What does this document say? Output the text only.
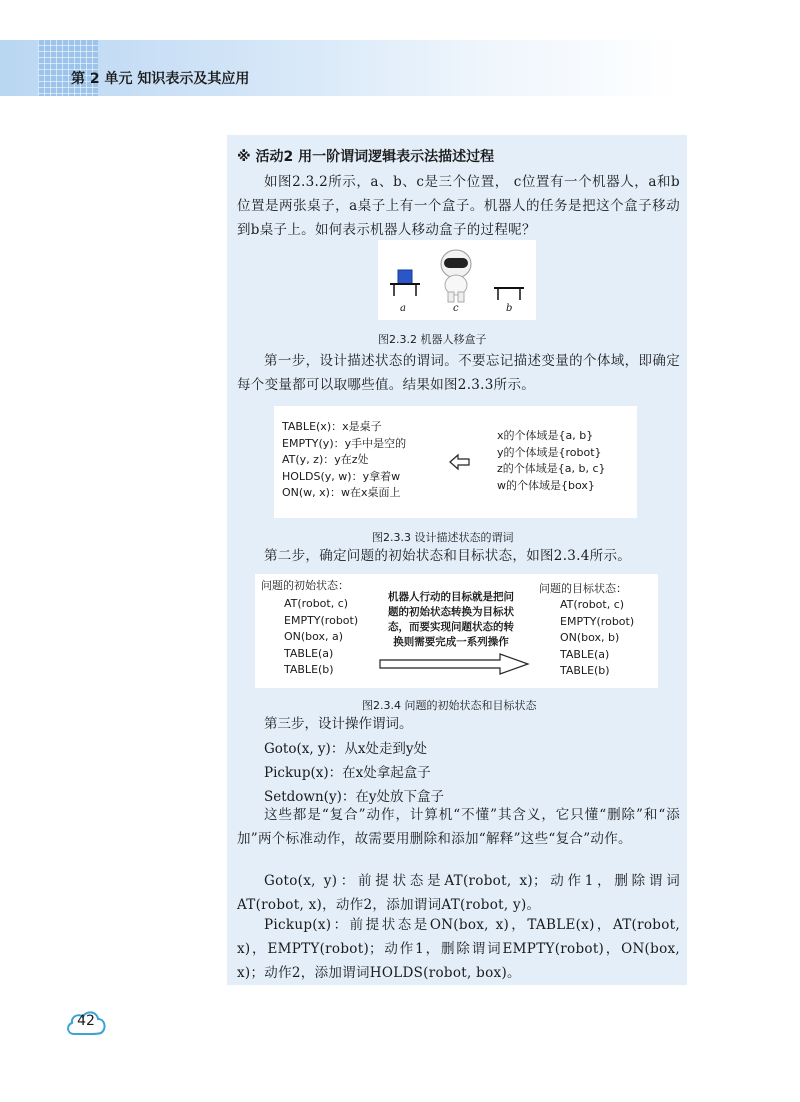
第 2 单元 知识表示及其应用
※ 活动2 用一阶谓词逻辑表示法描述过程
如图2.3.2所示，a、b、c是三个位置， c位置有一个机器人，a和b位置是两张桌子，a桌子上有一个盒子。机器人的任务是把这个盒子移动到b桌子上。如何表示机器人移动盒子的过程呢？
a	c	b
图2.3.2 机器人移盒子
第一步，设计描述状态的谓词。不要忘记描述变量的个体域，即确定每个变量都可以取哪些值。结果如图2.3.3所示。
TABLE(x)：x是桌子
EMPTY(y)：y手中是空的
AT(y, z)：y在z处
HOLDS(y, w)：y拿着w
ON(w, x)：w在x桌面上
x的个体域是{a, b}
y的个体域是{robot}
z的个体域是{a, b, c}
w的个体域是{box}
图2.3.3 设计描述状态的谓词
第二步，确定问题的初始状态和目标状态，如图2.3.4所示。
问题的初始状态：
AT(robot, c)
EMPTY(robot)
ON(box, a)
TABLE(a)
TABLE(b)
机器人行动的目标就是把问
题的初始状态转换为目标状
态，而要实现问题状态的转
换则需要完成一系列操作
问题的目标状态：
AT(robot, c)
EMPTY(robot)
ON(box, b)
TABLE(a)
TABLE(b)
图2.3.4 问题的初始状态和目标状态
第三步，设计操作谓词。
Goto(x, y)：从x处走到y处
Pickup(x)：在x处拿起盒子
Setdown(y)：在y处放下盒子
这些都是“复合”动作，计算机“不懂”其含义，它只懂“删除”和“添加”两个标准动作，故需要用删除和添加“解释”这些“复合”动作。
Goto(x, y)：前提状态是AT(robot, x)；动作1，删除谓词 AT(robot, x)，动作2，添加谓词AT(robot, y)。
Pickup(x)：前提状态是ON(box, x)，TABLE(x)，AT(robot, x)，EMPTY(robot)；动作1，删除谓词EMPTY(robot)，ON(box, x)；动作2，添加谓词HOLDS(robot, box)。
42
